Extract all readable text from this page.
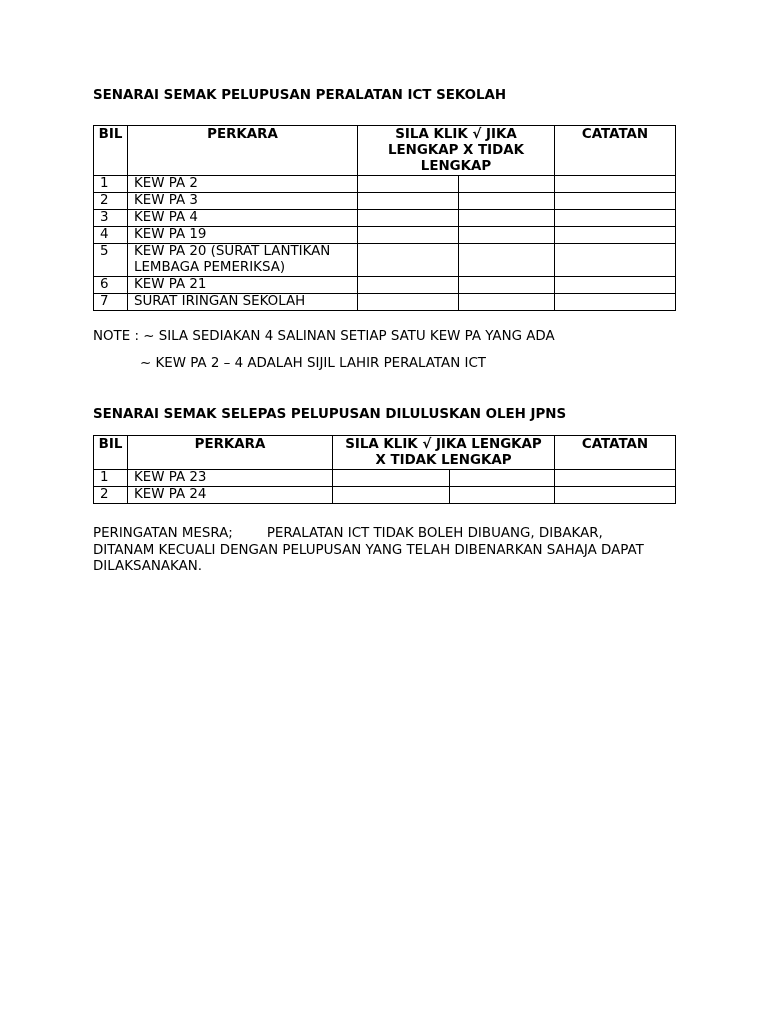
SENARAI SEMAK PELUPUSAN PERALATAN ICT SEKOLAH
BIL	PERKARA	SILA KLIK √ JIKA LENGKAP X TIDAK LENGKAP		CATATAN
1	KEW PA 2			
2	KEW PA 3			
3	KEW PA 4			
4	KEW PA 19			
5	KEW PA 20 (SURAT LANTIKAN LEMBAGA PEMERIKSA)			
6	KEW PA 21			
7	SURAT IRINGAN SEKOLAH			
NOTE : ~ SILA SEDIAKAN 4 SALINAN SETIAP SATU KEW PA YANG ADA
~ KEW PA 2 – 4 ADALAH SIJIL LAHIR PERALATAN ICT
SENARAI SEMAK SELEPAS PELUPUSAN DILULUSKAN OLEH JPNS
BIL	PERKARA	SILA KLIK √ JIKA LENGKAP X TIDAK LENGKAP		CATATAN
1	KEW PA 23			
2	KEW PA 24			
PERINGATAN MESRA;	PERALATAN ICT TIDAK BOLEH DIBUANG, DIBAKAR, DITANAM KECUALI DENGAN PELUPUSAN YANG TELAH DIBENARKAN SAHAJA DAPAT DILAKSANAKAN.
